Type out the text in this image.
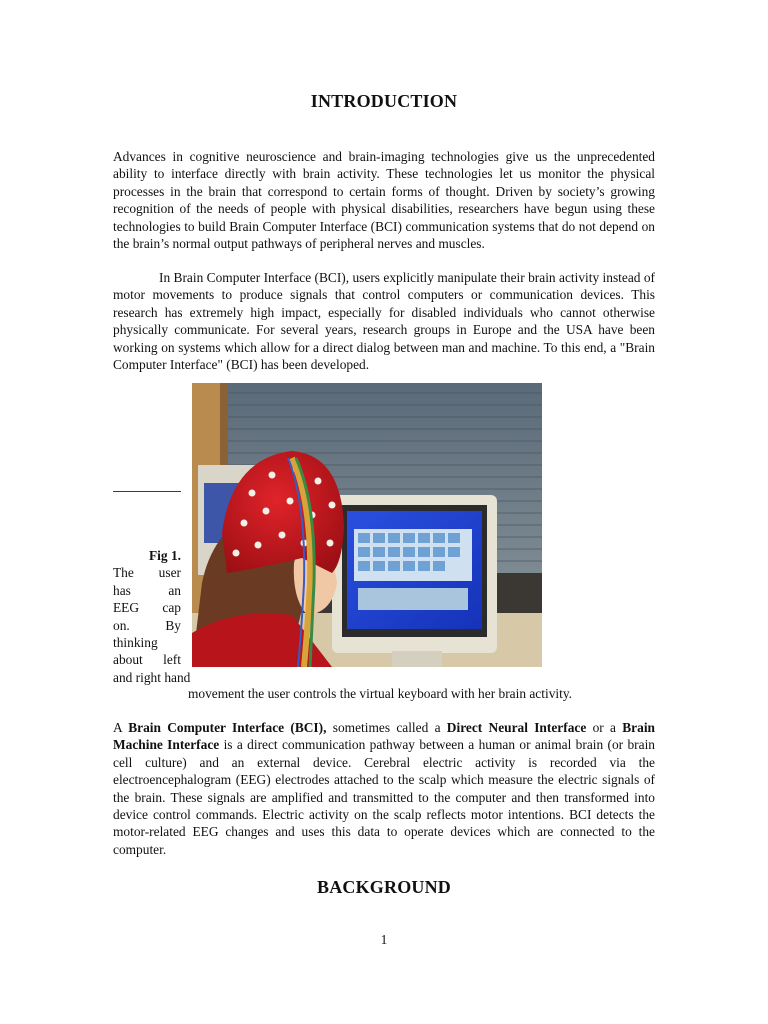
INTRODUCTION
Advances in cognitive neuroscience and brain-imaging technologies give us the unprecedented ability to interface directly with brain activity. These technologies let us monitor the physical processes in the brain that correspond to certain forms of thought. Driven by society’s growing recognition of the needs of people with physical disabilities, researchers have begun using these technologies to build Brain Computer Interface (BCI) communication systems that do not depend on the brain’s normal output pathways of peripheral nerves and muscles.
In Brain Computer Interface (BCI), users explicitly manipulate their brain activity instead of motor movements to produce signals that control computers or communication devices. This research has extremely high impact, especially for disabled individuals who cannot otherwise physically communicate. For several years, research groups in Europe and the USA have been working on systems which allow for a direct dialog between man and machine. To this end, a "Brain Computer Interface" (BCI) has been developed.
Fig 1.
The user
has an
EEG cap
on. By
thinking
about left
and right hand
movement the user controls the virtual keyboard with her brain activity.
A Brain Computer Interface (BCI), sometimes called a Direct Neural Interface or a Brain Machine Interface is a direct communication pathway between a human or animal brain (or brain cell culture) and an external device. Cerebral electric activity is recorded via the electroencephalogram (EEG) electrodes attached to the scalp which measure the electric signals of the brain. These signals are amplified and transmitted to the computer and then transformed into device control commands. Electric activity on the scalp reflects motor intentions. BCI detects the motor-related EEG changes and uses this data to operate devices which are connected to the computer.
BACKGROUND
1
